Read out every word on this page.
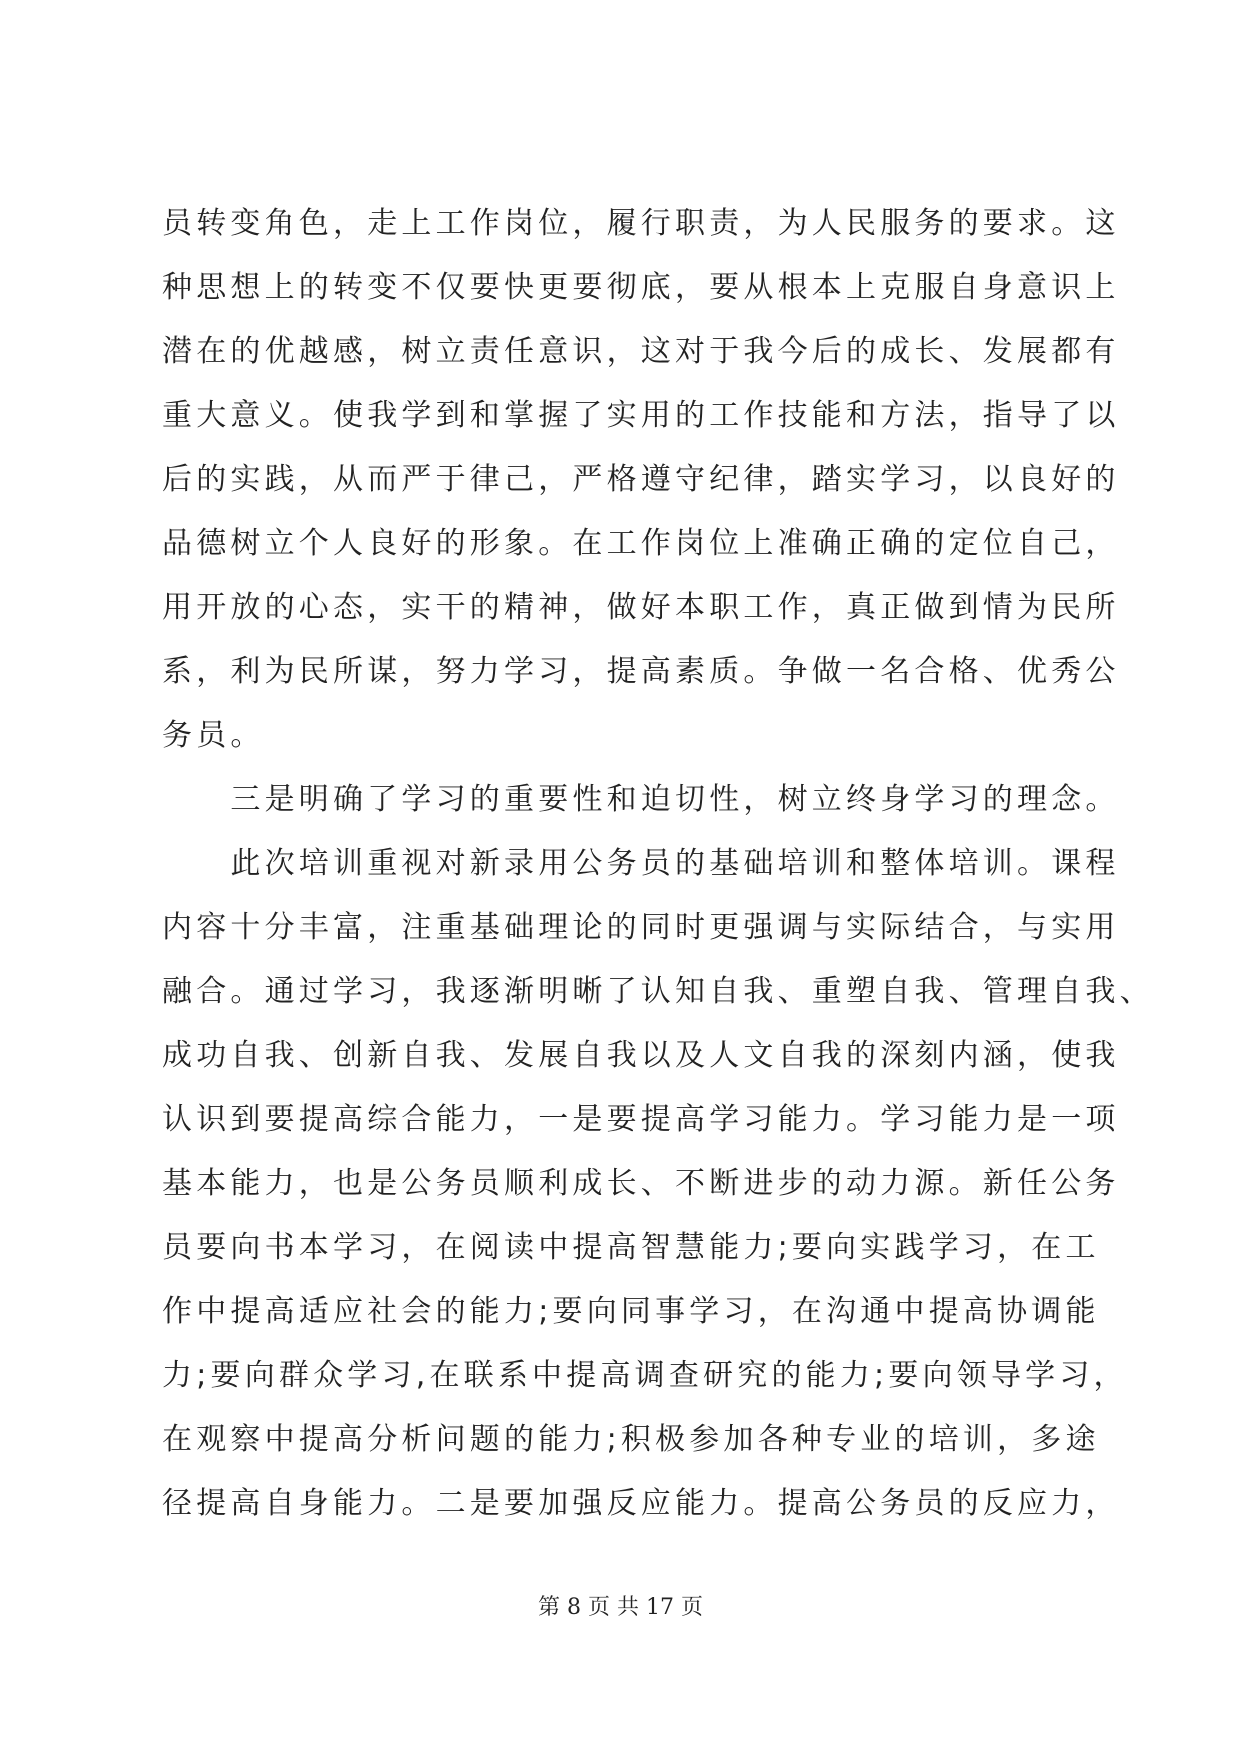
员转变角色，走上工作岗位，履行职责，为人民服务的要求。这
种思想上的转变不仅要快更要彻底，要从根本上克服自身意识上
潜在的优越感，树立责任意识，这对于我今后的成长、发展都有
重大意义。使我学到和掌握了实用的工作技能和方法，指导了以
后的实践，从而严于律己，严格遵守纪律，踏实学习，以良好的
品德树立个人良好的形象。在工作岗位上准确正确的定位自己，
用开放的心态，实干的精神，做好本职工作，真正做到情为民所
系，利为民所谋，努力学习，提高素质。争做一名合格、优秀公
务员。
　　三是明确了学习的重要性和迫切性，树立终身学习的理念。
　　此次培训重视对新录用公务员的基础培训和整体培训。课程
内容十分丰富，注重基础理论的同时更强调与实际结合，与实用
融合。通过学习，我逐渐明晰了认知自我、重塑自我、管理自我、
成功自我、创新自我、发展自我以及人文自我的深刻内涵，使我
认识到要提高综合能力，一是要提高学习能力。学习能力是一项
基本能力，也是公务员顺利成长、不断进步的动力源。新任公务
员要向书本学习，在阅读中提高智慧能力;要向实践学习，在工
作中提高适应社会的能力;要向同事学习，在沟通中提高协调能
力;要向群众学习,在联系中提高调查研究的能力;要向领导学习，
在观察中提高分析问题的能力;积极参加各种专业的培训，多途
径提高自身能力。二是要加强反应能力。提高公务员的反应力，
第 8 页 共 17 页
